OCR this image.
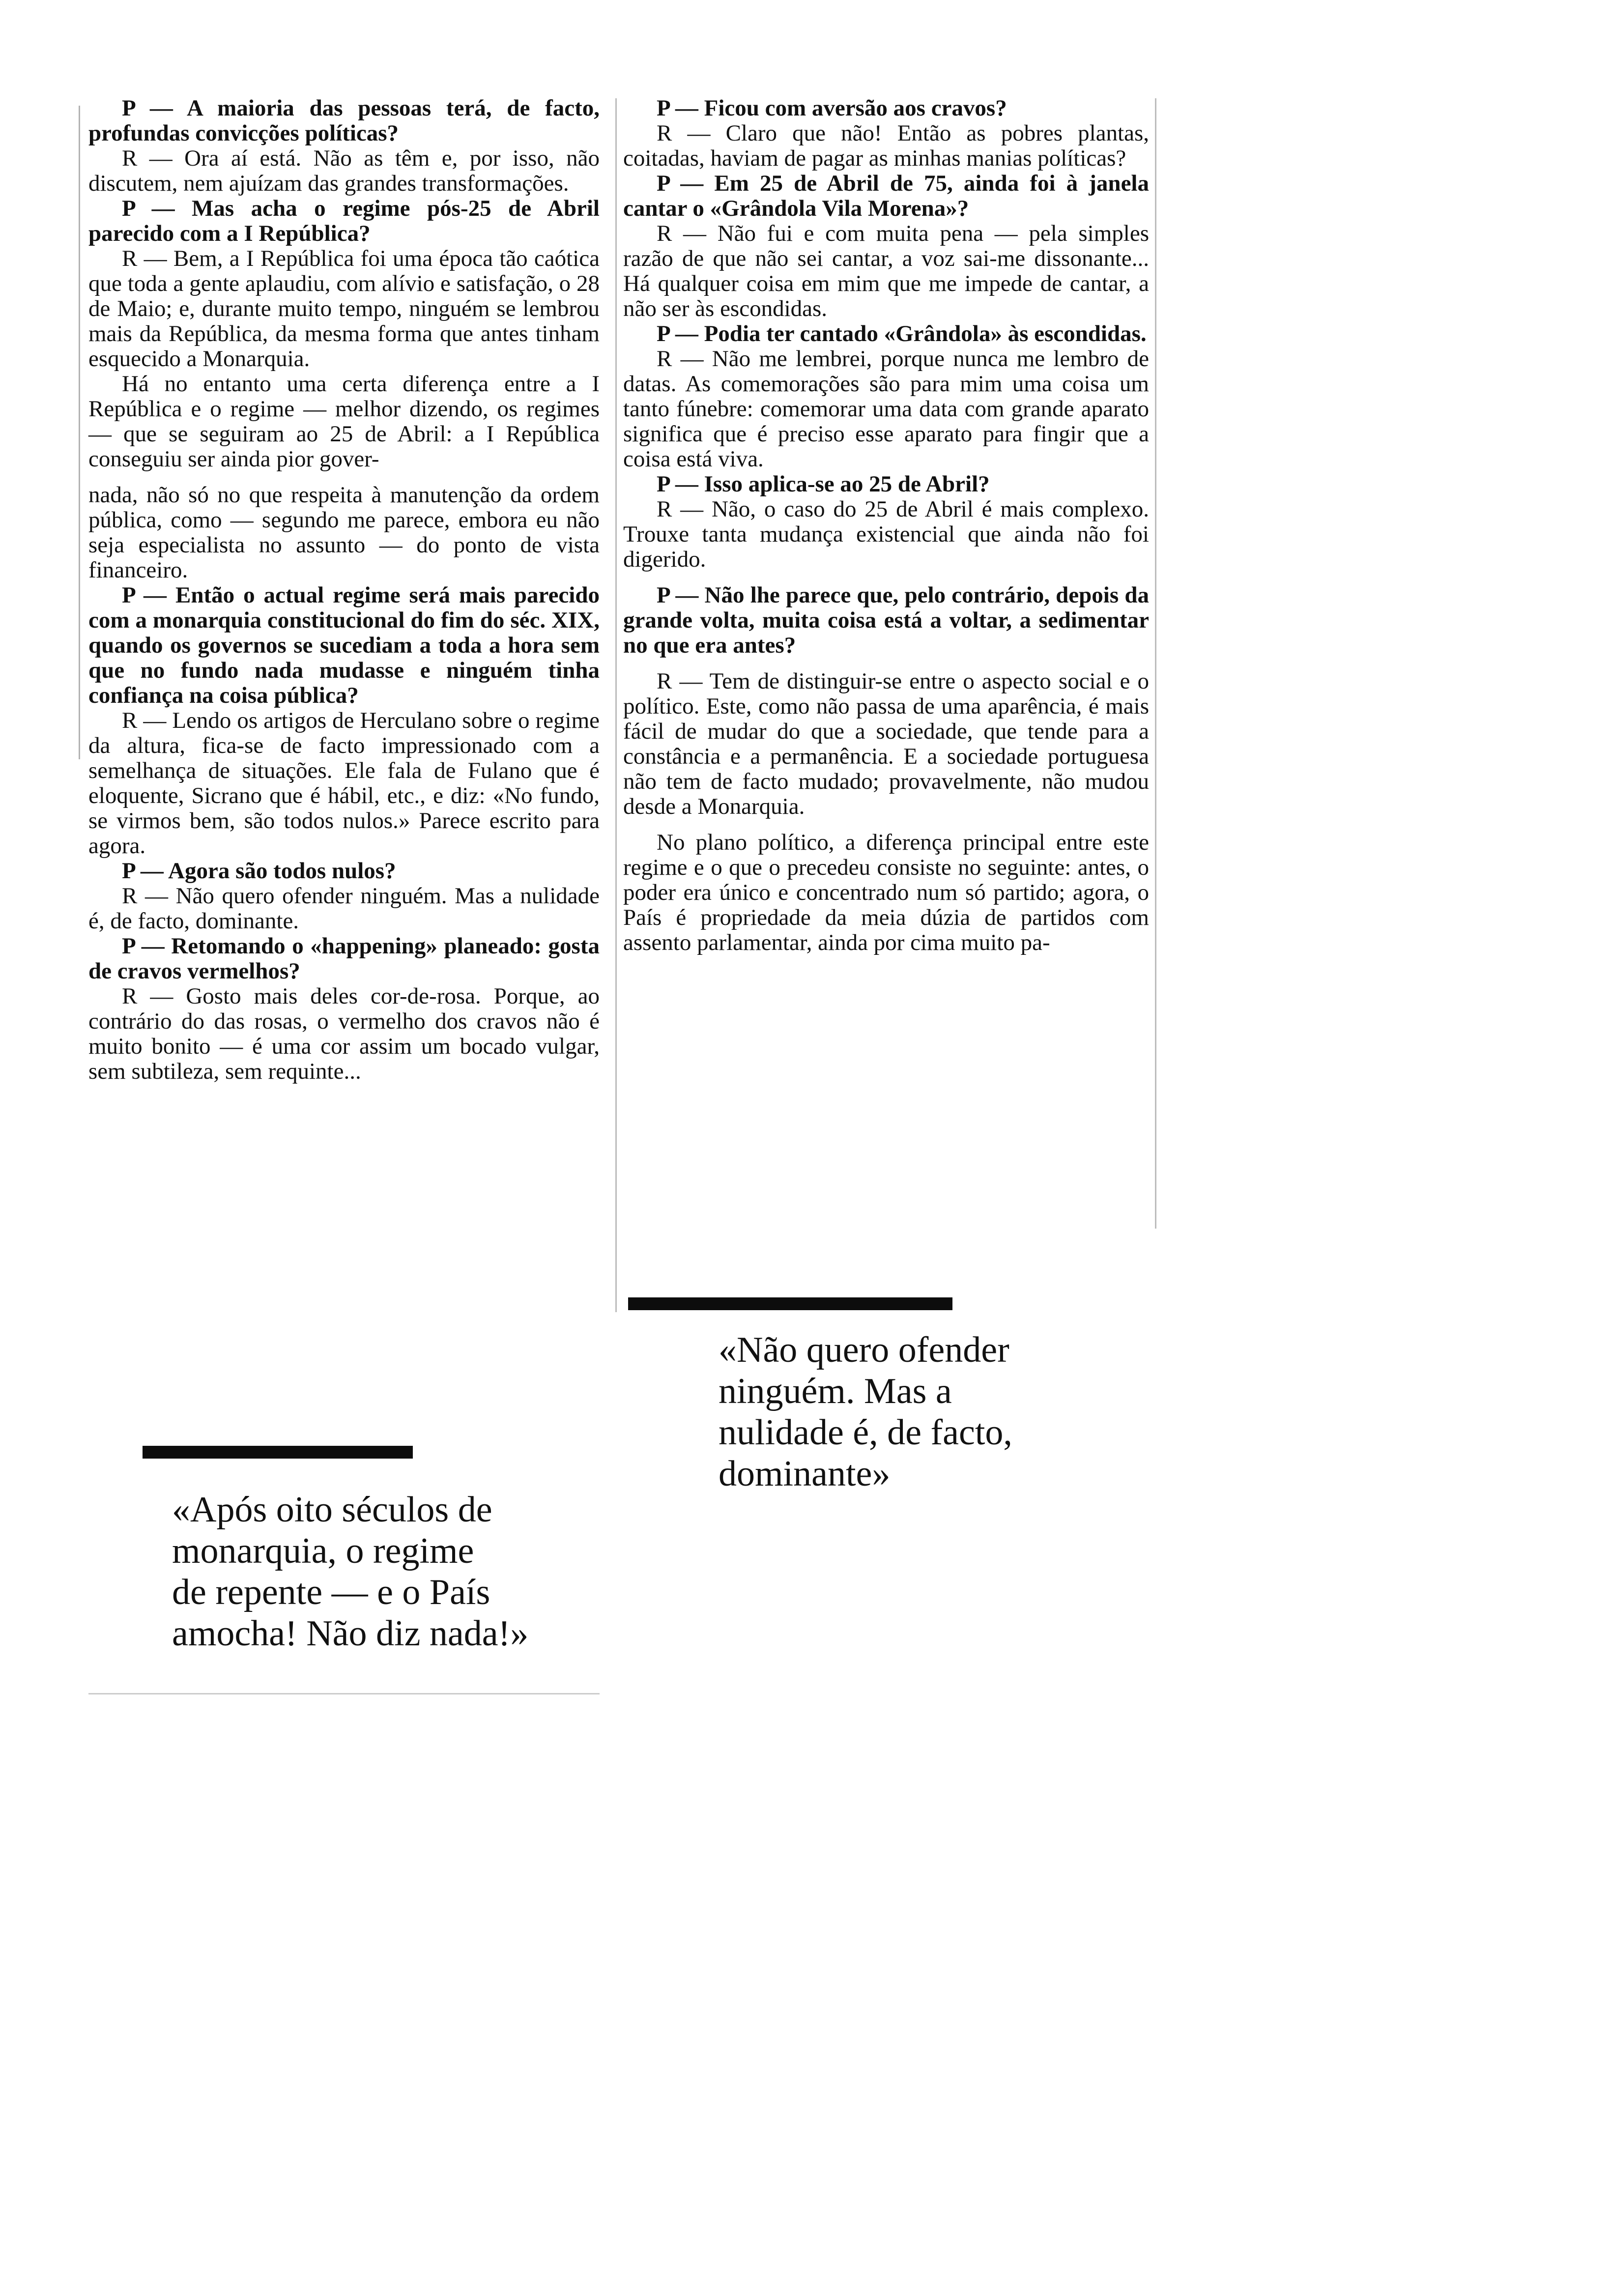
P — A maioria das pessoas terá, de facto, profundas convicções políticas?

R — Ora aí está. Não as têm e, por isso, não discutem, nem ajuízam das grandes transformações.

P — Mas acha o regime pós-25 de Abril parecido com a I República?

R — Bem, a I República foi uma época tão caótica que toda a gente aplaudiu, com alívio e satisfação, o 28 de Maio; e, durante muito tempo, ninguém se lembrou mais da República, da mesma forma que antes tinham esquecido a Monarquia.

Há no entanto uma certa diferença entre a I República e o regime — melhor dizendo, os regimes — que se seguiram ao 25 de Abril: a I República conseguiu ser ainda pior gover-

nada, não só no que respeita à manutenção da ordem pública, como — segundo me parece, embora eu não seja especialista no assunto — do ponto de vista financeiro.

P — Então o actual regime será mais parecido com a monarquia constitucional do fim do séc. XIX, quando os governos se sucediam a toda a hora sem que no fundo nada mudasse e ninguém tinha confiança na coisa pública?

R — Lendo os artigos de Herculano sobre o regime da altura, fica-se de facto impressionado com a semelhança de situações. Ele fala de Fulano que é eloquente, Sicrano que é hábil, etc., e diz: «No fundo, se virmos bem, são todos nulos.» Parece escrito para agora.

P — Agora são todos nulos?

R — Não quero ofender ninguém. Mas a nulidade é, de facto, dominante.

P — Retomando o «happening» planeado: gosta de cravos vermelhos?

R — Gosto mais deles cor-de-rosa. Porque, ao contrário do das rosas, o vermelho dos cravos não é muito bonito — é uma cor assim um bocado vulgar, sem subtileza, sem requinte...

P — Ficou com aversão aos cravos?

R — Claro que não! Então as pobres plantas, coitadas, haviam de pagar as minhas manias políticas?

P — Em 25 de Abril de 75, ainda foi à janela cantar o «Grândola Vila Morena»?

R — Não fui e com muita pena — pela simples razão de que não sei cantar, a voz sai-me dissonante... Há qualquer coisa em mim que me impede de cantar, a não ser às escondidas.

P — Podia ter cantado «Grândola» às escondidas.

R — Não me lembrei, porque nunca me lembro de datas. As comemorações são para mim uma coisa um tanto fúnebre: comemorar uma data com grande aparato significa que é preciso esse aparato para fingir que a coisa está viva.

P — Isso aplica-se ao 25 de Abril?

R — Não, o caso do 25 de Abril é mais complexo. Trouxe tanta mudança existencial que ainda não foi digerido.

P — Não lhe parece que, pelo contrário, depois da grande volta, muita coisa está a voltar, a sedimentar no que era antes?

R — Tem de distinguir-se entre o aspecto social e o político. Este, como não passa de uma aparência, é mais fácil de mudar do que a sociedade, que tende para a constância e a permanência. E a sociedade portuguesa não tem de facto mudado; provavelmente, não mudou desde a Monarquia.

No plano político, a diferença principal entre este regime e o que o precedeu consiste no seguinte: antes, o poder era único e concentrado num só partido; agora, o País é propriedade da meia dúzia de partidos com assento parlamentar, ainda por cima muito pa-

«Após oito séculos de
monarquia, o regime
de repente — e o País
amocha! Não diz nada!»
«Não quero ofender
ninguém. Mas a
nulidade é, de facto,
dominante»
